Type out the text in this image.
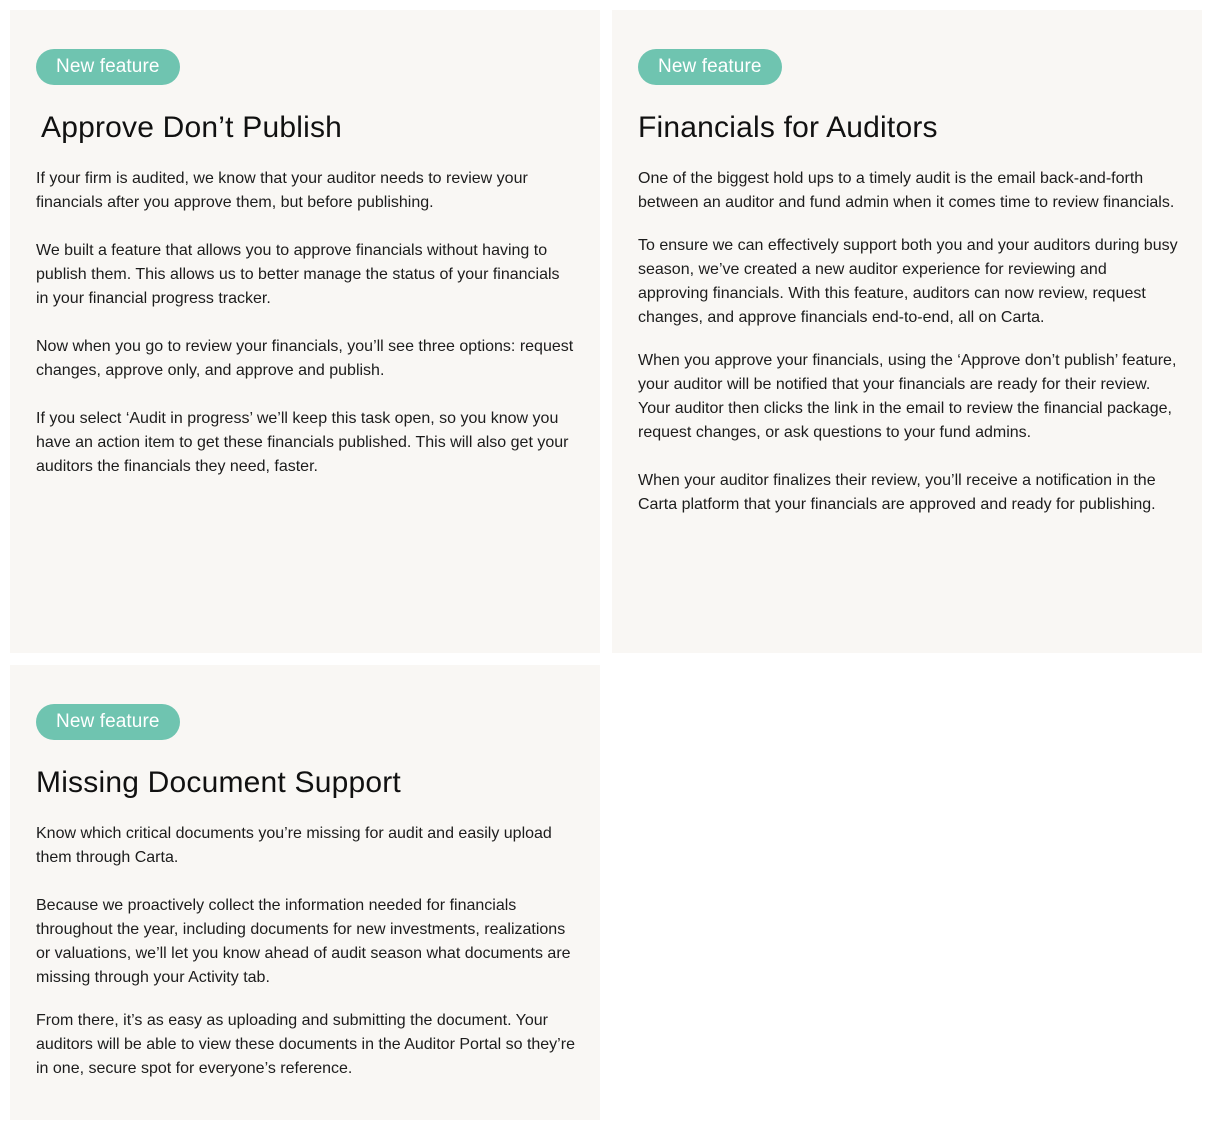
New feature
Approve Don’t Publish

If your firm is audited, we know that your auditor needs to review your financials after you approve them, but before publishing.

We built a feature that allows you to approve financials without having to publish them. This allows us to better manage the status of your financials in your financial progress tracker.

Now when you go to review your financials, you’ll see three options: request changes, approve only, and approve and publish.

If you select ‘Audit in progress’ we’ll keep this task open, so you know you have an action item to get these financials published. This will also get your auditors the financials they need, faster.

New feature
Financials for Auditors

One of the biggest hold ups to a timely audit is the email back-and-forth between an auditor and fund admin when it comes time to review financials.

To ensure we can effectively support both you and your auditors during busy season, we’ve created a new auditor experience for reviewing and approving financials. With this feature, auditors can now review, request changes, and approve financials end-to-end, all on Carta.

When you approve your financials, using the ‘Approve don’t publish’ feature, your auditor will be notified that your financials are ready for their review. Your auditor then clicks the link in the email to review the financial package, request changes, or ask questions to your fund admins.

When your auditor finalizes their review, you’ll receive a notification in the Carta platform that your financials are approved and ready for publishing.

New feature
Missing Document Support

Know which critical documents you’re missing for audit and easily upload them through Carta.

Because we proactively collect the information needed for financials throughout the year, including documents for new investments, realizations or valuations, we’ll let you know ahead of audit season what documents are missing through your Activity tab.

From there, it’s as easy as uploading and submitting the document. Your auditors will be able to view these documents in the Auditor Portal so they’re in one, secure spot for everyone’s reference.
